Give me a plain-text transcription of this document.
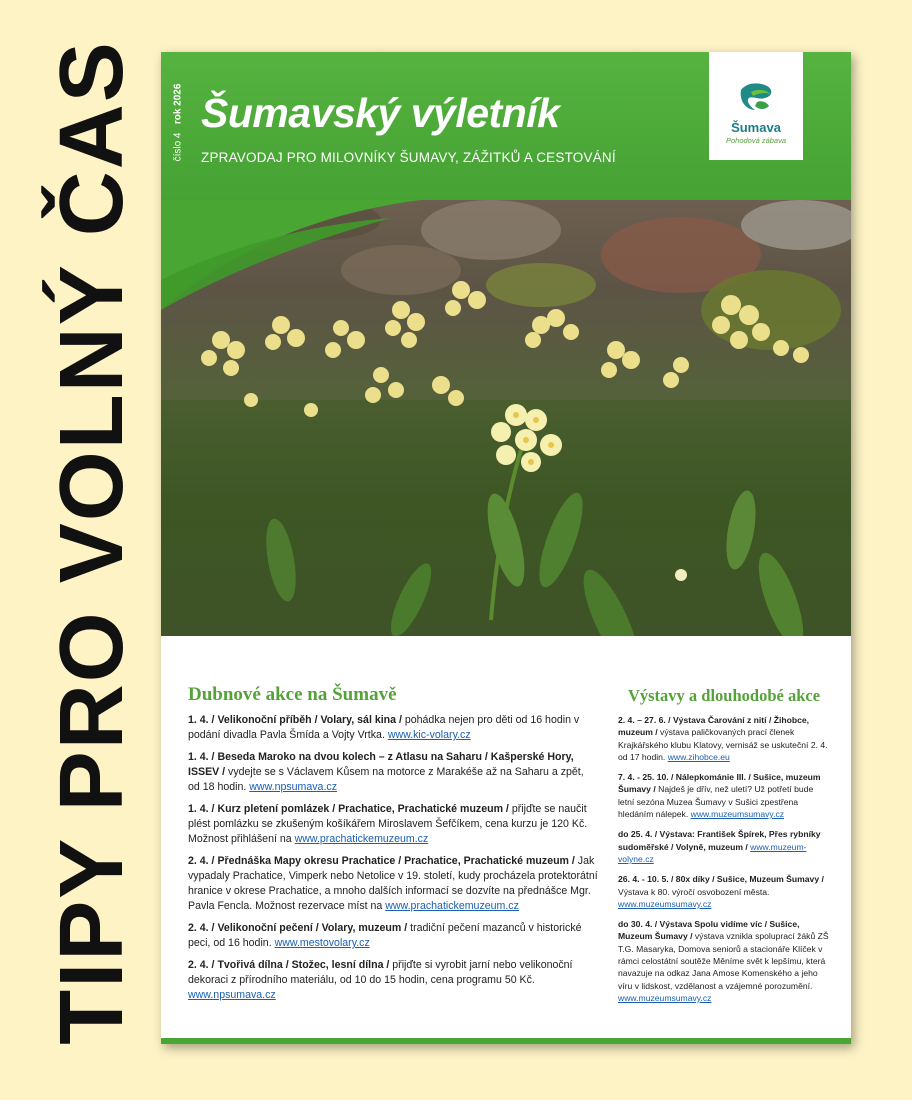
TIPY PRO VOLNÝ ČAS	číslo 4   rok 2026 Šumavský výletník
ZPRAVODAJ PRO MILOVNÍKY ŠUMAVY, ZÁŽITKŮ A CESTOVÁNÍ
Šumava
Pohodová zábava
Dubnové akce na Šumavě
1. 4. / Velikonoční příběh / Volary, sál kina / pohádka nejen pro děti od 16 hodin v podání divadla Pavla Šmída a Vojty Vrtka. www.kic-volary.cz
1. 4. / Beseda Maroko na dvou kolech – z Atlasu na Saharu / Kašperské Hory, ISSEV / vydejte se s Václavem Kůsem na motorce z Marakéše až na Saharu a zpět, od 18 hodin. www.npsumava.cz
1. 4. / Kurz pletení pomlázek / Prachatice, Prachatické muzeum / přijďte se naučit plést pomlázku se zkušeným košíkářem Miroslavem Šefčíkem, cena kurzu je 120 Kč. Možnost přihlášení na www.prachatickemuzeum.cz
2. 4. / Přednáška Mapy okresu Prachatice / Prachatice, Prachatické muzeum / Jak vypadaly Prachatice, Vimperk nebo Netolice v 19. století, kudy procházela protektorátní hranice v okrese Prachatice, a mnoho dalších informací se dozvíte na přednášce Mgr. Pavla Fencla. Možnost rezervace míst na www.prachatickemuzeum.cz
2. 4. / Velikonoční pečení / Volary, muzeum / tradiční pečení mazanců v historické peci, od 16 hodin. www.mestovolary.cz
2. 4. / Tvořivá dílna / Stožec, lesní dílna / přijďte si vyrobit jarní nebo velikonoční dekoraci z přírodního materiálu, od 10 do 15 hodin, cena programu 50 Kč. www.npsumava.cz
Výstavy a dlouhodobé akce
2. 4. – 27. 6. / Výstava Čarování z nití / Žihobce, muzeum / výstava paličkovaných prací členek Krajkářského klubu Klatovy, vernisáž se uskuteční 2. 4. od 17 hodin. www.zihobce.eu
7. 4. - 25. 10. / Nálepkománie III. / Sušice, muzeum Šumavy / Najdeš je dřív, než uletí? Už potřetí bude letní sezóna Muzea Šumavy v Sušici zpestřena hledáním nálepek. www.muzeumsumavy.cz
do 25. 4. / Výstava: František Špírek, Přes rybníky sudoměřské / Volyně, muzeum / www.muzeum-volyne.cz
26. 4. - 10. 5. / 80x díky / Sušice, Muzeum Šumavy / Výstava k 80. výročí osvobození města. www.muzeumsumavy.cz
do 30. 4. / Výstava Spolu vidíme víc / Sušice, Muzeum Šumavy / výstava vznikla spoluprací žáků ZŠ T.G. Masaryka, Domova seniorů a stacionáře Klíček v rámci celostátní soutěže Měníme svět k lepšímu, která navazuje na odkaz Jana Amose Komenského a jeho víru v lidskost, vzdělanost a vzájemné porozumění. www.muzeumsumavy.cz
